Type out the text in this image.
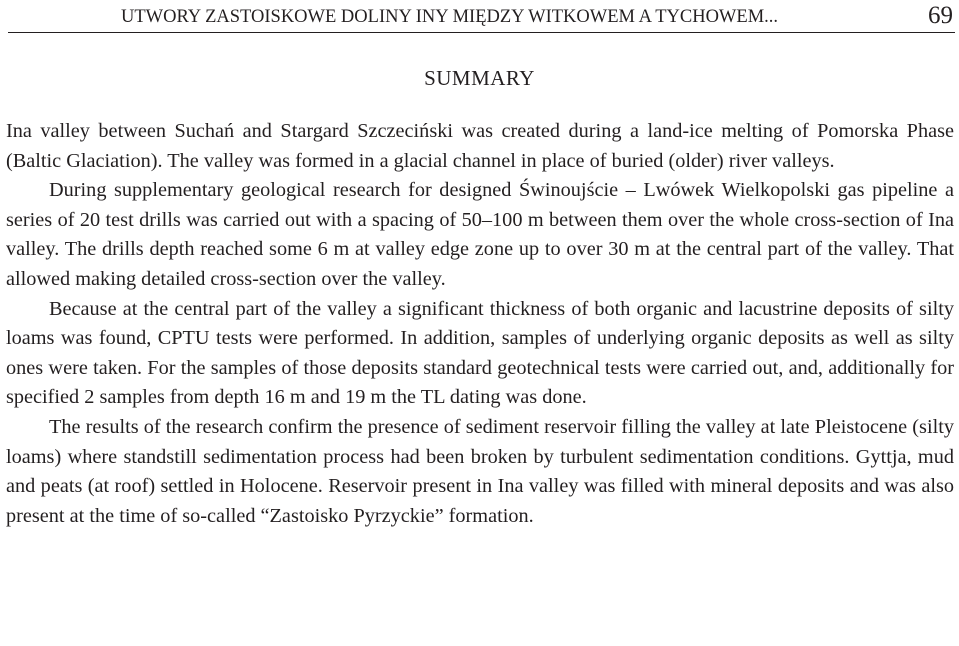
UTWORY ZASTOISKOWE DOLINY INY MIĘDZY WITKOWEM A TYCHOWEM...	69
SUMMARY

Ina valley between Suchań and Stargard Szczeciński was created during a land-ice melting of Pomorska Phase (Baltic Glaciation). The valley was formed in a glacial channel in place of buried (older) river valleys.

During supplementary geological research for designed Świnoujście – Lwówek Wielkopolski gas pipeline a series of 20 test drills was carried out with a spacing of 50–100 m between them over the whole cross-section of Ina valley. The drills depth reached some 6 m at valley edge zone up to over 30 m at the central part of the valley. That allowed making detailed cross-section over the valley.

Because at the central part of the valley a significant thickness of both organic and lacustrine deposits of silty loams was found, CPTU tests were performed. In addition, samples of underlying organic deposits as well as silty ones were taken. For the samples of those deposits standard geotechnical tests were carried out, and, additionally for specified 2 samples from depth 16 m and 19 m the TL dating was done.

The results of the research confirm the presence of sediment reservoir filling the valley at late Pleistocene (silty loams) where standstill sedimentation process had been broken by turbulent sedimentation conditions. Gyttja, mud and peats (at roof) settled in Holocene. Reservoir present in Ina valley was filled with mineral deposits and was also present at the time of so-called “Zastoisko Pyrzyckie” formation.
